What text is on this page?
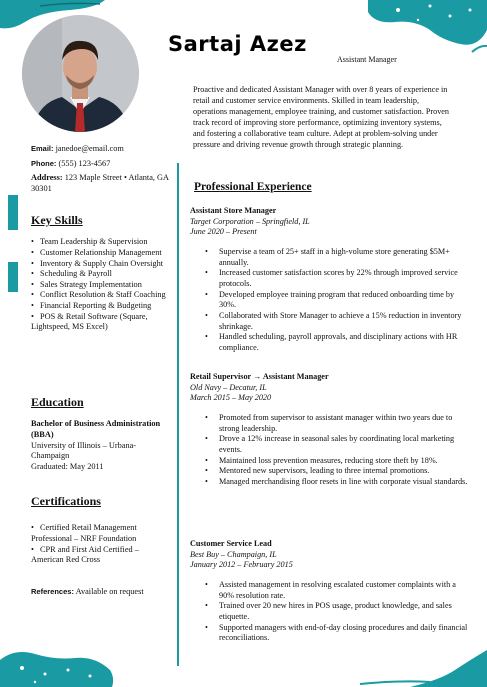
Sartaj Azez
Assistant Manager
Proactive and dedicated Assistant Manager with over 8 years of experience in retail and customer service environments. Skilled in team leadership, operations management, employee training, and customer satisfaction. Proven track record of improving store performance, optimizing inventory systems, and fostering a collaborative team culture. Adept at problem-solving under pressure and driving revenue growth through strategic planning.
Email: janedoe@email.com
Phone: (555) 123-4567
Address: 123 Maple Street • Atlanta, GA 30301
Key Skills
• Team Leadership & Supervision
• Customer Relationship Management
• Inventory & Supply Chain Oversight
• Scheduling & Payroll
• Sales Strategy Implementation
• Conflict Resolution & Staff Coaching
• Financial Reporting & Budgeting
• POS & Retail Software (Square, Lightspeed, MS Excel)
Education
Bachelor of Business Administration (BBA)
University of Illinois – Urbana-Champaign
Graduated: May 2011
Certifications
• Certified Retail Management Professional – NRF Foundation
• CPR and First Aid Certified – American Red Cross
References: Available on request
Professional Experience
Assistant Store Manager
Target Corporation – Springfield, IL
June 2020 – Present
• Supervise a team of 25+ staff in a high-volume store generating $5M+ annually.
• Increased customer satisfaction scores by 22% through improved service protocols.
• Developed employee training program that reduced onboarding time by 30%.
• Collaborated with Store Manager to achieve a 15% reduction in inventory shrinkage.
• Handled scheduling, payroll approvals, and disciplinary actions with HR compliance.
Retail Supervisor → Assistant Manager
Old Navy – Decatur, IL
March 2015 – May 2020
• Promoted from supervisor to assistant manager within two years due to strong leadership.
• Drove a 12% increase in seasonal sales by coordinating local marketing events.
• Maintained loss prevention measures, reducing store theft by 18%.
• Mentored new supervisors, leading to three internal promotions.
• Managed merchandising floor resets in line with corporate visual standards.
Customer Service Lead
Best Buy – Champaign, IL
January 2012 – February 2015
• Assisted management in resolving escalated customer complaints with a 90% resolution rate.
• Trained over 20 new hires in POS usage, product knowledge, and sales etiquette.
• Supported managers with end-of-day closing procedures and daily financial reconciliations.
